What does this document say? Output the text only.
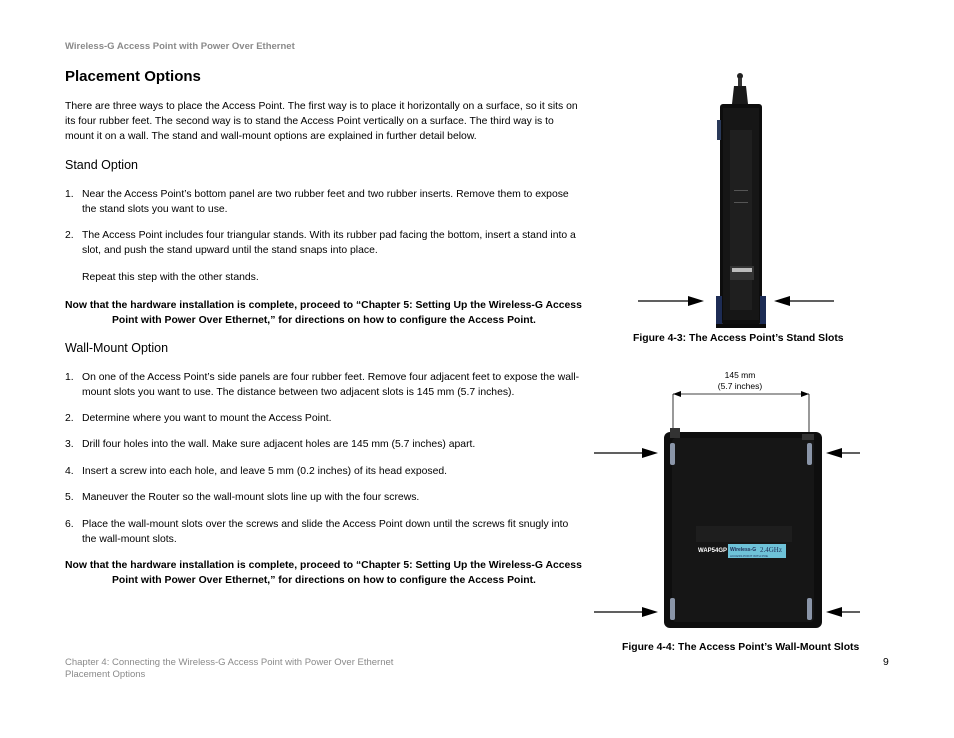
Wireless-G Access Point with Power Over Ethernet
Placement Options

There are three ways to place the Access Point. The first way is to place it horizontally on a surface, so it sits on its four rubber feet. The second way is to stand the Access Point vertically on a surface. The third way is to mount it on a wall. The stand and wall-mount options are explained in further detail below.

Stand Option
1. Near the Access Point’s bottom panel are two rubber feet and two rubber inserts. Remove them to expose the stand slots you want to use.
2. The Access Point includes four triangular stands. With its rubber pad facing the bottom, insert a stand into a slot, and push the stand upward until the stand snaps into place.
Repeat this step with the other stands.
Now that the hardware installation is complete, proceed to “Chapter 5: Setting Up the Wireless-G Access
Point with Power Over Ethernet,” for directions on how to configure the Access Point.
Wall-Mount Option
1. On one of the Access Point’s side panels are four rubber feet. Remove four adjacent feet to expose the wall-mount slots you want to use. The distance between two adjacent slots is 145 mm (5.7 inches).
2. Determine where you want to mount the Access Point.
3. Drill four holes into the wall. Make sure adjacent holes are 145 mm (5.7 inches) apart.
4. Insert a screw into each hole, and leave 5 mm (0.2 inches) of its head exposed.
5. Maneuver the Router so the wall-mount slots line up with the four screws.
6. Place the wall-mount slots over the screws and slide the Access Point down until the screws fit snugly into the wall-mount slots.
Now that the hardware installation is complete, proceed to “Chapter 5: Setting Up the Wireless-G Access
Point with Power Over Ethernet,” for directions on how to configure the Access Point.
Figure 4-3: The Access Point’s Stand Slots
145 mm
(5.7 inches)
WAP54GP Wireless-G 2.4GHz
ACCESS POINT WITH POE
Figure 4-4: The Access Point’s Wall-Mount Slots
Chapter 4: Connecting the Wireless-G Access Point with Power Over Ethernet
Placement Options
9
